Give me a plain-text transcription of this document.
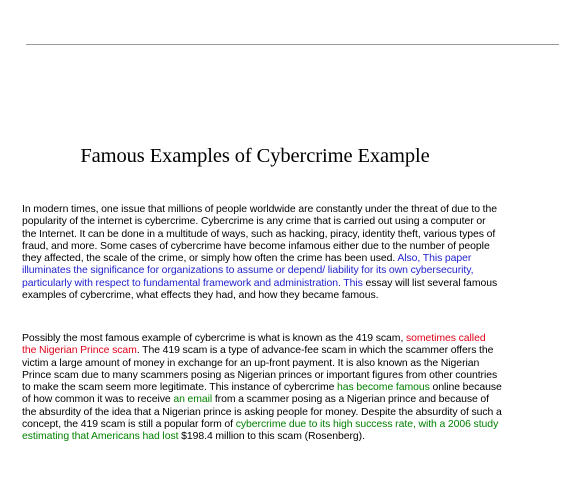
Famous Examples of Cybercrime Example
In modern times, one issue that millions of people worldwide are constantly under the threat of due to the
popularity of the internet is cybercrime. Cybercrime is any crime that is carried out using a computer or
the Internet. It can be done in a multitude of ways, such as hacking, piracy, identity theft, various types of
fraud, and more. Some cases of cybercrime have become infamous either due to the number of people
they affected, the scale of the crime, or simply how often the crime has been used. Also, This paper
illuminates the significance for organizations to assume or depend/ liability for its own cybersecurity,
particularly with respect to fundamental framework and administration. This essay will list several famous
examples of cybercrime, what effects they had, and how they became famous.
Possibly the most famous example of cybercrime is what is known as the 419 scam, sometimes called
the Nigerian Prince scam. The 419 scam is a type of advance-fee scam in which the scammer offers the
victim a large amount of money in exchange for an up-front payment. It is also known as the Nigerian
Prince scam due to many scammers posing as Nigerian princes or important figures from other countries
to make the scam seem more legitimate. This instance of cybercrime has become famous online because
of how common it was to receive an email from a scammer posing as a Nigerian prince and because of
the absurdity of the idea that a Nigerian prince is asking people for money. Despite the absurdity of such a
concept, the 419 scam is still a popular form of cybercrime due to its high success rate, with a 2006 study
estimating that Americans had lost $198.4 million to this scam (Rosenberg).
